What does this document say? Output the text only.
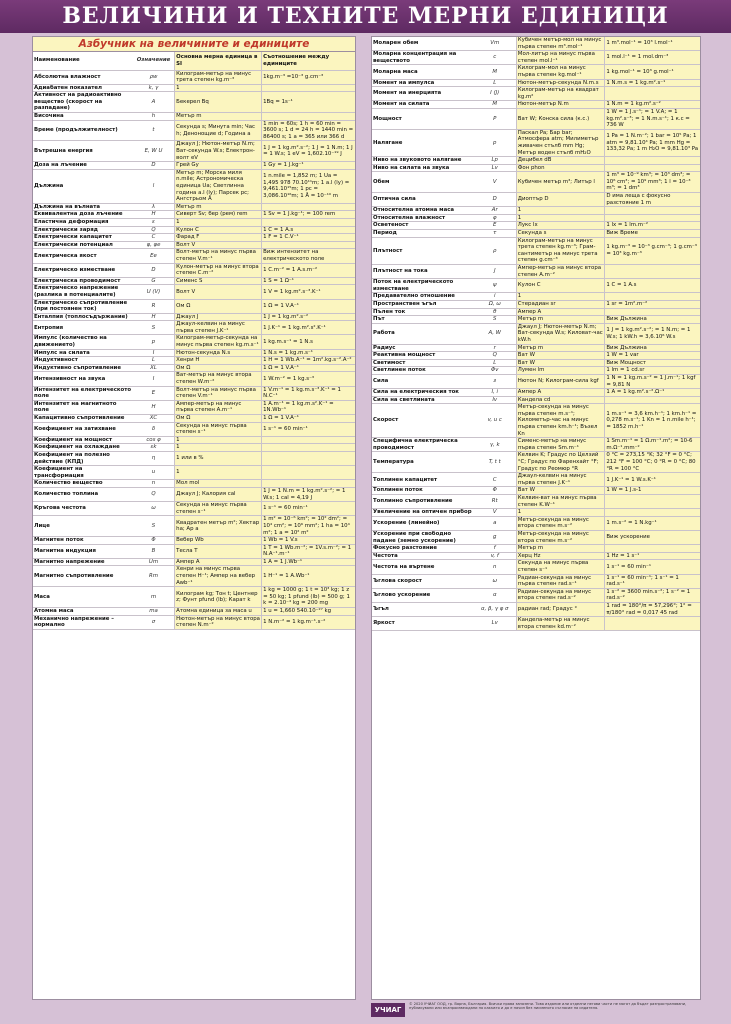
ВЕЛИЧИНИ И ТЕХНИТЕ МЕРНИ ЕДИНИЦИ
Азбучник на величините и единиците
Наименование	Означение	Основна мерна единица в SI	Съотношение между единиците
Абсолютна влажност	ρw	Килограм-метър на минус трета степен kg.m⁻³	1kg.m⁻³ =10⁻³ g.cm⁻³
Адиабатен показател	k, γ	1	
Активност на радиоактивно вещество (скорост на разпадане)	A	Бекерел Bq	1Bq = 1s⁻¹
Височина	h	Метър m	
Време (продължителност)	t	Секунда s; Минута min; Час h; Денонощие d; Година a	1 min = 60s; 1 h = 60 min = 3600 s; 1 d = 24 h = 1440 min = 86400 s; 1 a = 365 или 366 d
Вътрешна енергия	E, W U	Джаул J; Нютон-метър N.m; Ват-секунда W.s; Електрон-волт eV	1 J = 1 kg.m².s⁻²; 1 J = 1 N.m; 1 J = 1 W.s; 1 eV = 1,602.10⁻¹⁹ J
Доза на лъчение	D	Грей Gy	1 Gy = 1 J.kg⁻¹
Дължина	l	Метър m; Морска миля n.mile; Астрономическа единица Ua; Светлинна година a.l (ly); Парсек pc; Ангстрьом Å	1 n.mile = 1,852 m; 1 Ua = 1,495 978 70.10¹¹m; 1 a.l (ly) = 9,461.10¹⁵m; 1 pc = 3,086.10¹⁶m; 1 Å = 10⁻¹⁰ m
Дължина на вълната	λ	Метър m	
Еквивалентна доза лъчение	H	Сиверт Sv; бер (рем) rem	1 Sv = 1 J.kg⁻¹; = 100 rem
Еластична деформация	ε	1	
Електрически заряд	Q	Кулон C	1 C = 1 A.s
Електрически капацитет	C	Фарад F	1 F = 1 C.V⁻¹
Електрически потенциал	φ, φe	Волт V	
Електрическа якост	Ee	Волт-метър на минус първа степен V.m⁻¹	Виж интензитет на електрическото поле
Електрическо изместване	D	Кулон-метър на минус втора степен C.m⁻²	1 C.m⁻² = 1 A.s.m⁻²
Електрическа проводимост	G	Сименс S	1 S = 1 Ω⁻¹
Електрическо напрежение (разлика в потенциалите)	U (V)	Волт V	1 V = 1 kg.m².s⁻³.K⁻¹
Електрическо съпротивление (при постоянен ток)	R	Ом Ω	1 Ω = 1 V.A⁻¹
Енталпия (топлосъдържание)	H	Джаул J	1 J = 1 kg.m².s⁻²
Ентропия	S	Джаул-келвин на минус първа степен J.K⁻¹	1 J.K⁻¹ = 1 kg.m².s².K⁻¹
Импулс (количество на движението)	p	Килограм-метър-секунда на минус първа степен kg.m.s⁻¹	1 kg.m.s⁻¹ = 1 N.s
Импулс на силата	I	Нютон-секунда N.s	1 N.s = 1 kg.m.s⁻¹
Индуктивност	L	Хенри H	1 H = 1 Wb.A⁻¹ = 1m².kg.s⁻².A⁻²
Индуктивно съпротивление	XL	Ом Ω	1 Ω = 1 V.A⁻¹
Интензивност на звука	I	Ват-метър на минус втора степен W.m⁻²	1 W.m⁻² = 1 kg.s⁻³
Интензитет на електрическото поле	E	Волт-метър на минус първа степен V.m⁻¹	1 V.m⁻¹ = 1 kg.m.s⁻³.K⁻¹ = 1 N.C⁻¹
Интензитет на магнитното поле	H	Ампер-метър на минус първа степен A.m⁻¹	1 A.m⁻¹ = 1 kg.m.s².K⁻¹ = 1N.Wb⁻¹
Капацитивно съпротивление	XC	Ом Ω	1 Ω = 1 V.A⁻¹
Коефициент на затихване	δ	Секунда на минус първа степен s⁻¹	1 s⁻¹ = 60 min⁻¹
Коефициент на мощност	cos φ	1	
Коефициент на охлаждане	εk	1	
Коефициент на полезно действие (КПД)	η	1 или в %	
Коефициент на трансформация	u	1	
Количество вещество	n	Мол mol	
Количество топлина	Q	Джаул J; Калория cal	1 J = 1 N.m = 1 kg.m².s⁻²; = 1 W.s; 1 cal = 4,19 J
Кръгова честота	ω	Секунда на минус първа степен s⁻¹	1 s⁻¹ = 60 min⁻¹
Лице	S	Квадратен метър m²; Хектар ha; Ар a	1 m² = 10⁻⁶ km²; = 10² dm²; = 10⁴ cm²; = 10⁶ mm²; 1 ha = 10⁴ m²; 1 a = 10² m²
Магнитен поток	Φ	Вебер Wb	1 Wb = 1 V.s
Магнитна индукция	B	Тесла T	1 T = 1 Wb.m⁻²; = 1V.s.m⁻²; = 1 N.A⁻¹.m⁻¹
Магнитно напрежение	Um	Ампер A	1 A = 1 J.Wb⁻¹
Магнитно съпротивление	Rm	Хенри на минус първа степен H⁻¹; Ампер на вебер Awb⁻¹	1 H⁻¹ = 1 A.Wb⁻¹
Маса	m	Килограм kg; Тон t; Центнер z; Фунт pfund (lb); Карат k	1 kg = 1000 g; 1 t = 10³ kg; 1 z = 50 kg; 1 pfund (lb) = 500 g; 1 k = 2.10⁻⁴ kg = 200 mg
Атомна маса	ma	Атомна единица за маса u	1 u = 1,660 540.10⁻²⁷ kg
Механично напрежение – нормално	σ	Нютон-метър на минус втора степен N.m⁻²	1 N.m⁻² = 1 kg.m⁻¹.s⁻²
Моларен обем	Vm	Кубичен метър-мол на минус първа степен m³.mol⁻¹	1 m³.mol⁻¹ = 10³ l.mol⁻¹
Моларна концентрация на веществото	c	Мол-литър на минус първа степен mol.l⁻¹	1 mol.l⁻¹ = 1 mol.dm⁻³
Моларна маса	M	Килограм-мол на минус първа степен kg.mol⁻¹	1 kg.mol⁻¹ = 10³ g.mol⁻¹
Момент на импулса	L	Нютон-метър-секунда N.m.s	1 N.m.s = 1 kg.m².s⁻¹
Момент на инерцията	I (J)	Килограм-метър на квадрат kg.m²	
Момент на силата	M	Нютон-метър N.m	1 N.m = 1 kg.m².s⁻²
Мощност	P	Ват W; Конска сила (к.с.)	1 W = 1 J.s⁻¹; = 1 V.A; = 1 kg.m².s⁻³; = 1 N.m.s⁻¹; 1 к.с = 736 W
Налягане	p	Паскал Pa; Бар bar; Атмосфера atm; Милиметър живачен стълб mm Hg; Метър воден стълб mH₂O	1 Pa = 1 N.m⁻²; 1 bar = 10⁵ Pa; 1 atm = 9,81.10⁴ Pa; 1 mm Hg = 133,32 Pa; 1 m H₂O = 9,81.10³ Pa
Ниво на звуковото налягане	Lp	Децибел dB	
Ниво на силата на звука	Lv	Фон phon	
Обем	V	Кубичен метър m³; Литър l	1 m³ = 10⁻⁹ km³; = 10³ dm³; = 10⁶ cm³; = 10⁹ mm³; 1 l = 10⁻³ m³; = 1 dm³
Оптична сила	D	Диоптър D	D има леща с фокусно разстояние 1 m
Относителна атомна маса	Ar	1	
Относителна влажност	φ	1	
Осветеност	E	Лукс lx	1 lx = 1 lm.m⁻²
Период	τ	Секунда s	Виж Време
Плътност	ρ	Килограм-метър на минус трета степен kg.m⁻³; Грам-сантиметър на минус трета степен g.cm⁻³	1 kg.m⁻³ = 10⁻³ g.cm⁻³; 1 g.cm⁻³ = 10³ kg.m⁻³
Плътност на тока	J	Ампер-метър на минус втора степен A.m⁻²	
Поток на електрическото изместване	ψ	Кулон C	1 C = 1 A.s
Предавателно отношение	i	1	
Пространствен ъгъл	Ω, ω	Стерадиан sr	1 sr = 1m².m⁻²
Пълен ток	θ	Ампер A	
Път	S	Метър m	Виж Дължина
Работа	A, W	Джаул J; Нютон-метър N.m; Ват-секунда W.s; Киловат-час kW.h	1 J = 1 kg.m².s⁻²; = 1 N.m; = 1 W.s; 1 kW.h = 3,6.10⁶ W.s
Радиус	r	Метър m	Виж Дължина
Реактивна мощност	Q	Ват W	1 W = 1 var
Светимост	L	Ват W	Виж Мощност
Светлинен поток	Φv	Лумен lm	1 lm = 1 cd.sr
Сила	з	Нютон N; Килограм-сила kgf	1 N = 1 kg.m.s⁻² = 1 J.m⁻¹; 1 kgf = 9,81 N
Сила на електрическия ток	I, i	Ампер A	1 A = 1 kg.m².s⁻².Ω⁻¹
Сила на светлината	Iv	Кандела cd	
Скорост	v, u c	Метър-секунда на минус първа степен m.s⁻¹; Километър-час на минус първа степен km.h⁻¹; Възел Kn	1 m.s⁻¹ = 3,6 km.h⁻¹; 1 km.h⁻¹ = 0,278 m.s⁻¹; 1 Kn = 1 n.mile h⁻¹; = 1852 m.h⁻¹
Специфична електрическа проводимост	γ, k	Сименс-метър на минус първа степен Sm.m⁻¹	1 Sm.m⁻¹ = 1 Ω.m⁻¹.m²; = 10-6 m.Ω⁻¹.mm⁻²
Температура	T, t t	Келвин K; Градус по Целзий °C; Градус по Фаренхайт °F; Градус по Реомюр °R	0 °C = 273,15 °K; 32 °F = 0 °C; 212 °F = 100 °C; 0 °R = 0 °C; 80 °R = 100 °C
Топлинен капацитет	C	Джаул-келвин на минус първа степен J.K⁻¹	1 J.K⁻¹ = 1 W.s.K⁻¹
Топлинен поток	Φ	Ват W	1 W = 1 J.s-1
Топлинно съпротивление	Rt	Келвин-ват на минус първа степен K.W⁻¹	
Увеличение на оптичен прибор	V	1	
Ускорение (линейно)	a	Метър-секунда на минус втора степен m.s⁻²	1 m.s⁻² = 1 N.kg⁻¹
Ускорение при свободно падане (земно ускорение)	g	Метър-секунда на минус втора степен m.s⁻²	Виж ускорение
Фокусно разстояние	f	Метър m	
Честота	v, f	Херц Hz	1 Hz = 1 s⁻¹
Честота на въртене	n	Секунда на минус първа степен s⁻¹	1 s⁻¹ = 60 min⁻¹
Ъглова скорост	ω	Радиан-секунда на минус първа степен rad.s⁻¹	1 s⁻¹ = 60 min⁻¹; 1 s⁻¹ = 1 rad.s⁻¹
Ъглово ускорение	α	Радиан-секунда на минус втора степен rad.s⁻²	1 s⁻² = 3600 min.s⁻²; 1 s⁻² = 1 rad.s⁻²
Ъгъл	α, β, γ φ σ	радиан rad; Градус °	1 rad = 180°/π = 57,296°; 1° = π/180° rad = 0,017 45 rad
Яркост	Lv	Кандела-метър на минус втора степен kd.m⁻²	
УЧИАГ
© 2020 УЧИАГ ООД, гр. Варна, България. Всички права запазени. Това издание или отделни негови части не могат да бъдат разпространявани, публикувани или възпроизвеждани по какъвто и да е начин без писменото съгласие на издателя.
